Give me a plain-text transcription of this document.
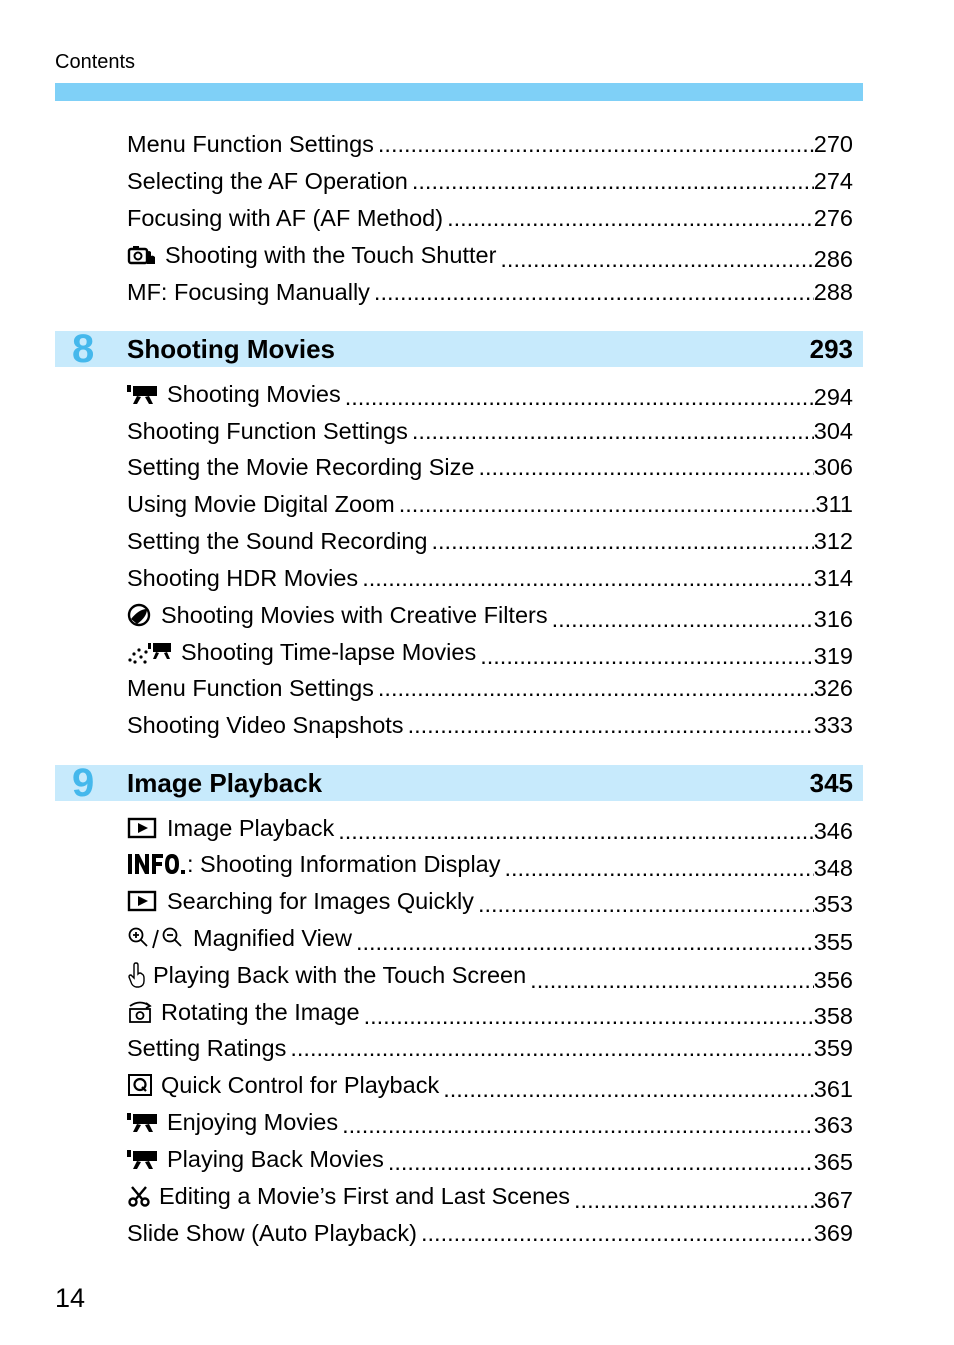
Contents
Menu Function Settings .....	270
Selecting the AF Operation .....	274
Focusing with AF (AF Method) .....	276
Shooting with the Touch Shutter .....	286
MF: Focusing Manually .....	288
8 Shooting Movies	293
Shooting Movies .....	294
Shooting Function Settings .....	304
Setting the Movie Recording Size .....	306
Using Movie Digital Zoom .....	311
Setting the Sound Recording .....	312
Shooting HDR Movies .....	314
Shooting Movies with Creative Filters .....	316
Shooting Time-lapse Movies .....	319
Menu Function Settings .....	326
Shooting Video Snapshots .....	333
9 Image Playback	345
Image Playback .....	346
: Shooting Information Display .....	348
Searching for Images Quickly .....	353
Magnified View .....	355
Playing Back with the Touch Screen .....	356
Rotating the Image .....	358
Setting Ratings .....	359
Quick Control for Playback .....	361
Enjoying Movies .....	363
Playing Back Movies .....	365
Editing a Movie’s First and Last Scenes .....	367
Slide Show (Auto Playback) .....	369
14
